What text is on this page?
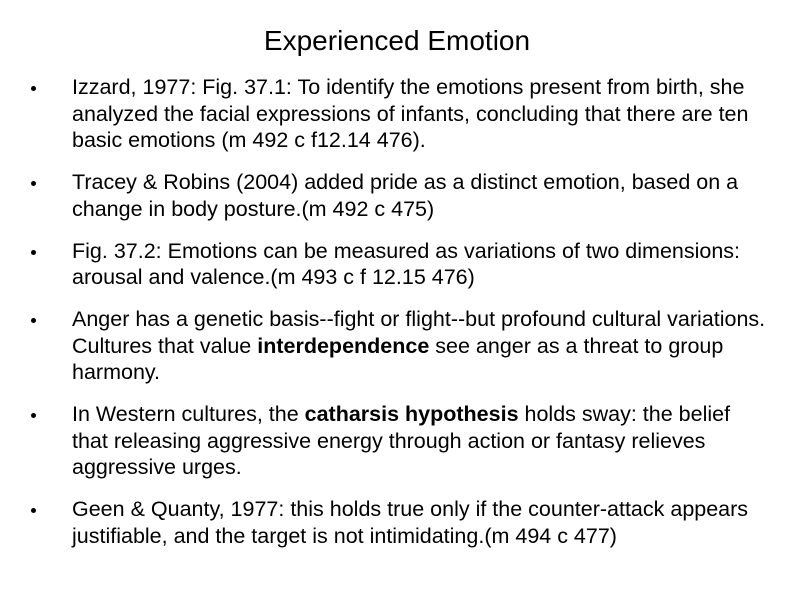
Experienced Emotion
Izzard, 1977: Fig. 37.1: To identify the emotions present from birth, she analyzed the facial expressions of infants, concluding that there are ten basic emotions (m 492 c f12.14 476).
Tracey & Robins (2004) added pride as a distinct emotion, based on a change in body posture.(m 492 c 475)
Fig. 37.2: Emotions can be measured as variations of two dimensions: arousal and valence.(m 493 c f 12.15 476)
Anger has a genetic basis--fight or flight--but profound cultural variations. Cultures that value interdependence see anger as a threat to group harmony.
In Western cultures, the catharsis hypothesis holds sway: the belief that releasing aggressive energy through action or fantasy relieves aggressive urges.
Geen & Quanty, 1977: this holds true only if the counter-attack appears justifiable, and the target is not intimidating.(m 494 c 477)
